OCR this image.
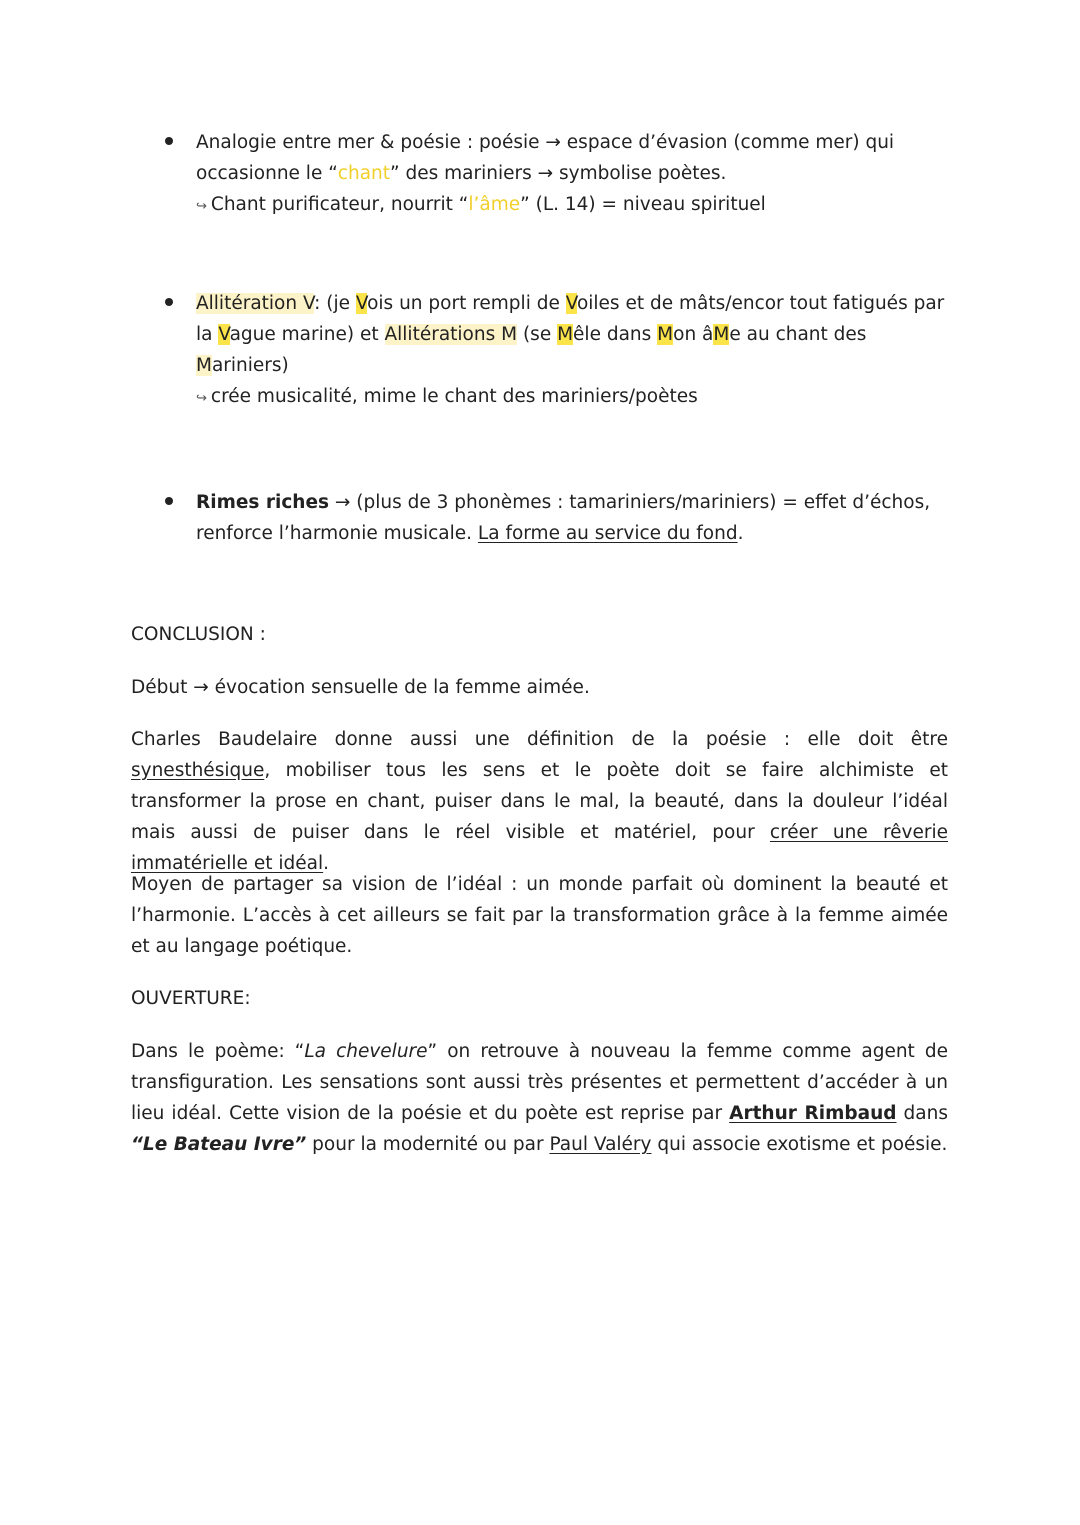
Analogie entre mer & poésie : poésie → espace d’évasion (comme mer) qui occasionne le “chant” des mariniers → symbolise poètes.
↪ Chant purificateur, nourrit “l’âme” (L. 14) = niveau spirituel
Allitération V: (je Vois un port rempli de Voiles et de mâts/encor tout fatigués par la Vague marine) et Allitérations M (se Mêle dans Mon âMe au chant des Mariniers)
↪ crée musicalité, mime le chant des mariniers/poètes
Rimes riches → (plus de 3 phonèmes : tamariniers/mariniers) = effet d’échos, renforce l’harmonie musicale. La forme au service du fond.
CONCLUSION :
Début → évocation sensuelle de la femme aimée.
Charles Baudelaire donne aussi une définition de la poésie : elle doit être synesthésique, mobiliser tous les sens et le poète doit se faire alchimiste et transformer la prose en chant, puiser dans le mal, la beauté, dans la douleur l’idéal mais aussi de puiser dans le réel visible et matériel, pour créer une rêverie immatérielle et idéal.
Moyen de partager sa vision de l’idéal : un monde parfait où dominent la beauté et l’harmonie. L’accès à cet ailleurs se fait par la transformation grâce à la femme aimée et au langage poétique.
OUVERTURE:
Dans le poème: “La chevelure” on retrouve à nouveau la femme comme agent de transfiguration. Les sensations sont aussi très présentes et permettent d’accéder à un lieu idéal. Cette vision de la poésie et du poète est reprise par Arthur Rimbaud dans “Le Bateau Ivre” pour la modernité ou par Paul Valéry qui associe exotisme et poésie.
